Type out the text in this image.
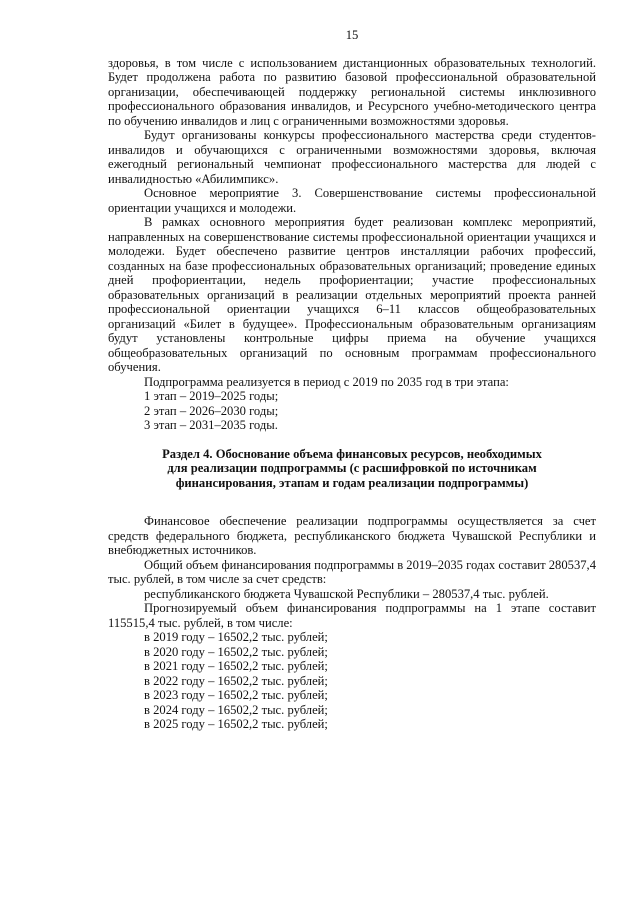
15

здоровья, в том числе с использованием дистанционных образовательных технологий. Будет продолжена работа по развитию базовой профессиональной образовательной организации, обеспечивающей поддержку региональной системы инклюзивного профессионального образования инвалидов, и Ресурсного учебно-методического центра по обучению инвалидов и лиц с ограниченными возможностями здоровья.

Будут организованы конкурсы профессионального мастерства среди студентов-инвалидов и обучающихся с ограниченными возможностями здоровья, включая ежегодный региональный чемпионат профессионального мастерства для людей с инвалидностью «Абилимпикс».

Основное мероприятие 3. Совершенствование системы профессиональной ориентации учащихся и молодежи.

В рамках основного мероприятия будет реализован комплекс мероприятий, направленных на совершенствование системы профессиональной ориентации учащихся и молодежи. Будет обеспечено развитие центров инсталляции рабочих профессий, созданных на базе профессиональных образовательных организаций; проведение единых дней профориентации, недель профориентации; участие профессиональных образовательных организаций в реализации отдельных мероприятий проекта ранней профессиональной ориентации учащихся 6–11 классов общеобразовательных организаций «Билет в будущее». Профессиональным образовательным организациям будут установлены контрольные цифры приема на обучение учащихся общеобразовательных организаций по основным программам профессионального обучения.

Подпрограмма реализуется в период с 2019 по 2035 год в три этапа:

1 этап – 2019–2025 годы;

2 этап – 2026–2030 годы;

3 этап – 2031–2035 годы.

Раздел 4. Обоснование объема финансовых ресурсов, необходимых
для реализации подпрограммы (с расшифровкой по источникам
финансирования, этапам и годам реализации подпрограммы)

Финансовое обеспечение реализации подпрограммы осуществляется за счет средств федерального бюджета, республиканского бюджета Чувашской Республики и внебюджетных источников.

Общий объем финансирования подпрограммы в 2019–2035 годах составит 280537,4 тыс. рублей, в том числе за счет средств:

республиканского бюджета Чувашской Республики – 280537,4 тыс. рублей.

Прогнозируемый объем финансирования подпрограммы на 1 этапе составит 115515,4 тыс. рублей, в том числе:

в 2019 году – 16502,2 тыс. рублей;

в 2020 году – 16502,2 тыс. рублей;

в 2021 году – 16502,2 тыс. рублей;

в 2022 году – 16502,2 тыс. рублей;

в 2023 году – 16502,2 тыс. рублей;

в 2024 году – 16502,2 тыс. рублей;

в 2025 году – 16502,2 тыс. рублей;
